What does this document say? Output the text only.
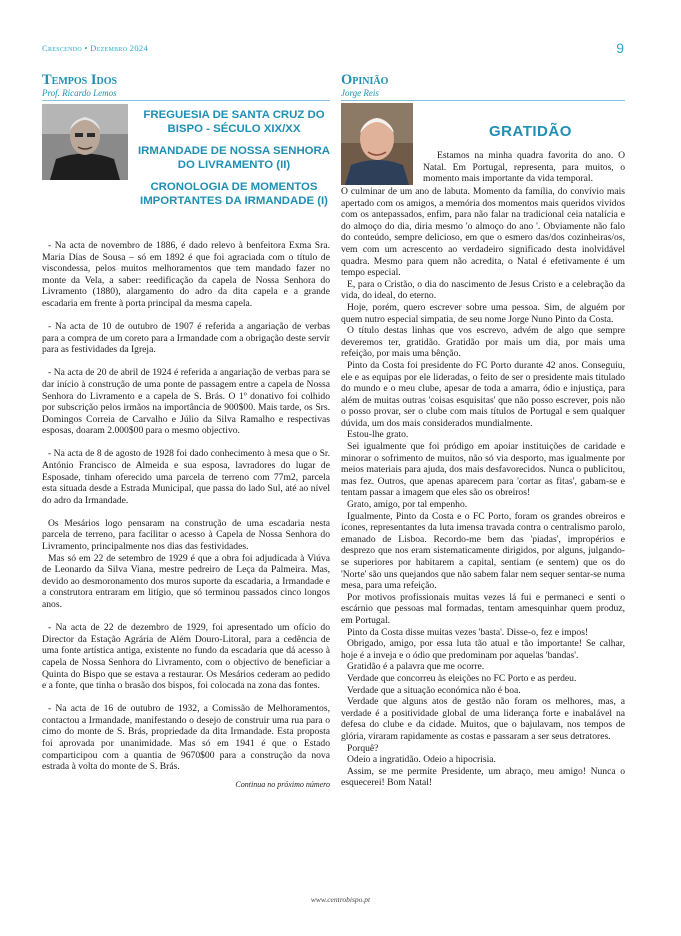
Crescendo • Dezembro 2024	9
Tempos Idos
Prof. Ricardo Lemos
FREGUESIA DE SANTA CRUZ DO BISPO - SÉCULO XIX/XX
IRMANDADE DE NOSSA SENHORA DO LIVRAMENTO (II)
CRONOLOGIA DE MOMENTOS IMPORTANTES DA IRMANDADE (I)

- Na acta de novembro de 1886, é dado relevo à benfeitora Exma Sra. Maria Dias de Sousa – só em 1892 é que foi agraciada com o título de viscondessa, pelos muitos melhoramentos que tem mandado fazer no monte da Vela, a saber: reedificação da capela de Nossa Senhora do Livramento (1880), alargamento do adro da dita capela e a grande escadaria em frente à porta principal da mesma capela.

- Na acta de 10 de outubro de 1907 é referida a angariação de verbas para a compra de um coreto para a Irmandade com a obrigação deste servir para as festividades da Igreja.

- Na acta de 20 de abril de 1924 é referida a angariação de verbas para se dar início à construção de uma ponte de passagem entre a capela de Nossa Senhora do Livramento e a capela de S. Brás. O 1º donativo foi colhido por subscrição pelos irmãos na importância de 900$00. Mais tarde, os Srs. Domingos Correia de Carvalho e Júlio da Silva Ramalho e respectivas esposas, doaram 2.000$00 para o mesmo objectivo.

- Na acta de 8 de agosto de 1928 foi dado conhecimento à mesa que o Sr. António Francisco de Almeida e sua esposa, lavradores do lugar de Esposade, tinham oferecido uma parcela de terreno com 77m2, parcela esta situada desde a Estrada Municipal, que passa do lado Sul, até ao nível do adro da Irmandade.

Os Mesários logo pensaram na construção de uma escadaria nesta parcela de terreno, para facilitar o acesso à Capela de Nossa Senhora do Livramento, principalmente nos dias das festividades.

Mas só em 22 de setembro de 1929 é que a obra foi adjudicada à Viúva de Leonardo da Silva Viana, mestre pedreiro de Leça da Palmeira. Mas, devido ao desmoronamento dos muros suporte da escadaria, a Irmandade e a construtora entraram em litígio, que só terminou passados cinco longos anos.

- Na acta de 22 de dezembro de 1929, foi apresentado um ofício do Director da Estação Agrária de Além Douro-Litoral, para a cedência de uma fonte artística antiga, existente no fundo da escadaria que dá acesso à capela de Nossa Senhora do Livramento, com o objectivo de beneficiar a Quinta do Bispo que se estava a restaurar. Os Mesários cederam ao pedido e a fonte, que tinha o brasão dos bispos, foi colocada na zona das fontes.

- Na acta de 16 de outubro de 1932, a Comissão de Melhoramentos, contactou a Irmandade, manifestando o desejo de construir uma rua para o cimo do monte de S. Brás, propriedade da dita Irmandade. Esta proposta foi aprovada por unanimidade. Mas só em 1941 é que o Estado comparticipou com a quantia de 9670$00 para a construção da nova estrada à volta do monte de S. Brás.

Continua no próximo número
Opinião
Jorge Reis
GRATIDÃO

Estamos na minha quadra favorita do ano. O Natal. Em Portugal, representa, para muitos, o momento mais importante da vida temporal.

O culminar de um ano de labuta. Momento da família, do convívio mais apertado com os amigos, a memória dos momentos mais queridos vividos com os antepassados, enfim, para não falar na tradicional ceia natalícia e do almoço do dia, diria mesmo 'o almoço do ano '. Obviamente não falo do conteúdo, sempre delicioso, em que o esmero das/dos cozinheiras/os, vem com um acrescento ao verdadeiro significado desta inolvidável quadra. Mesmo para quem não acredita, o Natal é efetivamente é um tempo especial.

E, para o Cristão, o dia do nascimento de Jesus Cristo e a celebração da vida, do ideal, do eterno.

Hoje, porém, quero escrever sobre uma pessoa. Sim, de alguém por quem nutro especial simpatia, de seu nome Jorge Nuno Pinto da Costa.

O título destas linhas que vos escrevo, advém de algo que sempre deveremos ter, gratidão. Gratidão por mais um dia, por mais uma refeição, por mais uma bênção.

Pinto da Costa foi presidente do FC Porto durante 42 anos. Conseguiu, ele e as equipas por ele lideradas, o feito de ser o presidente mais titulado do mundo e o meu clube, apesar de toda a amarra, ódio e injustiça, para além de muitas outras 'coisas esquisitas' que não posso escrever, pois não o posso provar, ser o clube com mais títulos de Portugal e sem qualquer dúvida, um dos mais considerados mundialmente.

Estou-lhe grato.

Sei igualmente que foi pródigo em apoiar instituições de caridade e minorar o sofrimento de muitos, não só via desporto, mas igualmente por meios materiais para ajuda, dos mais desfavorecidos. Nunca o publicitou, mas fez. Outros, que apenas aparecem para 'cortar as fitas', gabam-se e tentam passar a imagem que eles são os obreiros!

Grato, amigo, por tal empenho.

Igualmente, Pinto da Costa e o FC Porto, foram os grandes obreiros e ícones, representantes da luta imensa travada contra o centralismo parolo, emanado de Lisboa. Recordo-me bem das 'piadas', impropérios e desprezo que nos eram sistematicamente dirigidos, por alguns, julgando-se superiores por habitarem a capital, sentiam (e sentem) que os do 'Norte' são uns quejandos que não sabem falar nem sequer sentar-se numa mesa, para uma refeição.

Por motivos profissionais muitas vezes lá fui e permaneci e senti o escárnio que pessoas mal formadas, tentam amesquinhar quem produz, em Portugal.

Pinto da Costa disse muitas vezes 'basta'. Disse-o, fez e impos!

Obrigado, amigo, por essa luta tão atual e tão importante! Se calhar, hoje é a inveja e o ódio que predominam por aquelas 'bandas'.

Gratidão é a palavra que me ocorre.

Verdade que concorreu às eleições no FC Porto e as perdeu.

Verdade que a situação económica não é boa.

Verdade que alguns atos de gestão não foram os melhores, mas, a verdade é a positividade global de uma liderança forte e inabalável na defesa do clube e da cidade. Muitos, que o bajulavam, nos tempos de glória, viraram rapidamente as costas e passaram a ser seus detratores.

Porquê?

Odeio a ingratidão. Odeio a hipocrisia.

Assim, se me permite Presidente, um abraço, meu amigo! Nunca o esquecerei! Bom Natal!

www.centrobispo.pt
